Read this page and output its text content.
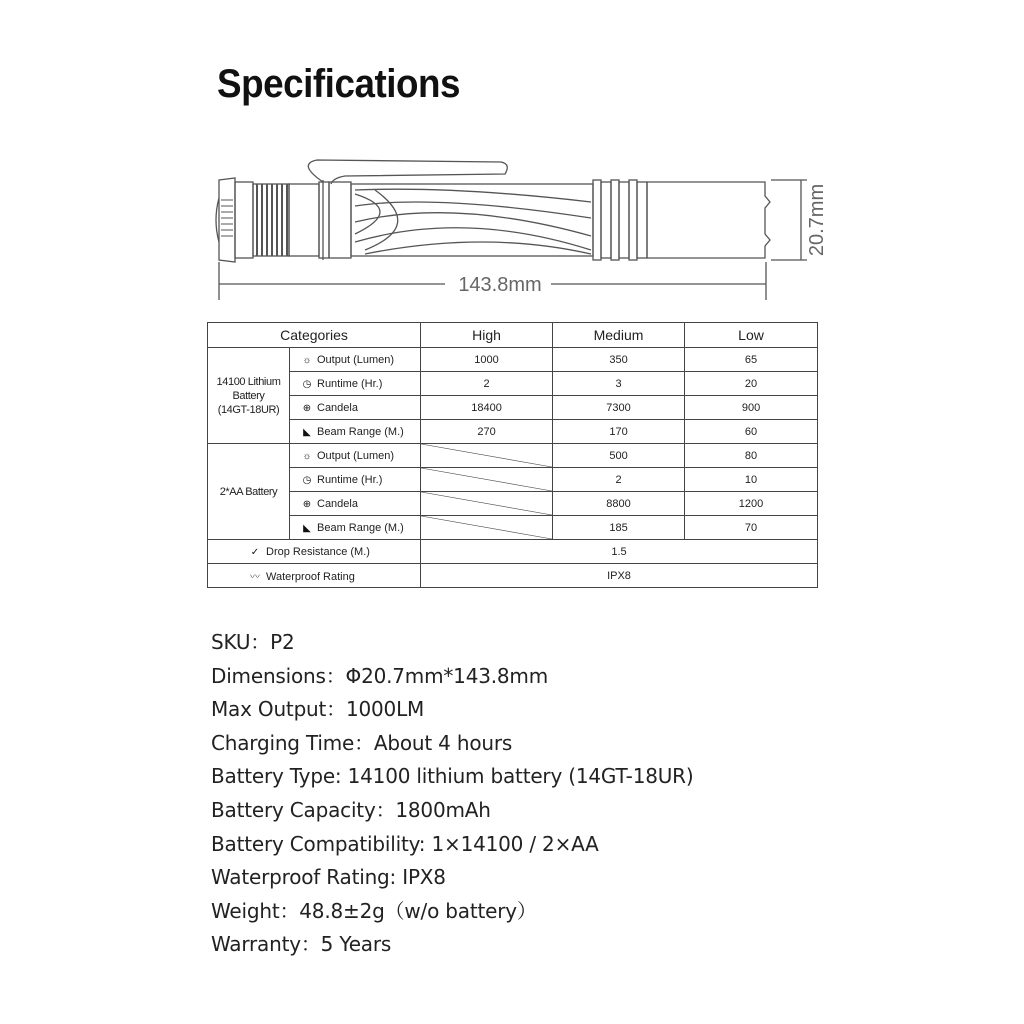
Specifications
143.8mm
20.7mm
Categories		High	Medium	Low

14100 Lithium Battery
(14GT-18UR)	☼ Output (Lumen)	1000	350	65
	◷ Runtime (Hr.)	2	3	20
	⊕ Candela	18400	7300	900
	◣ Beam Range (M.)	270	170	60

2*AA Battery	☼ Output (Lumen)		500	80
	◷ Runtime (Hr.)		2	10
	⊕ Candela		8800	1200
	◣ Beam Range (M.)		185	70
✓ Drop Resistance (M.)		1.5		
〰 Waterproof Rating		IPX8		
SKU：P2
Dimensions：Φ20.7mm*143.8mm
Max Output：1000LM
Charging Time：About 4 hours
Battery Type: 14100 lithium battery (14GT-18UR)
Battery Capacity：1800mAh
Battery Compatibility: 1×14100 / 2×AA
Waterproof Rating: IPX8
Weight：48.8±2g（w/o battery）
Warranty：5 Years
